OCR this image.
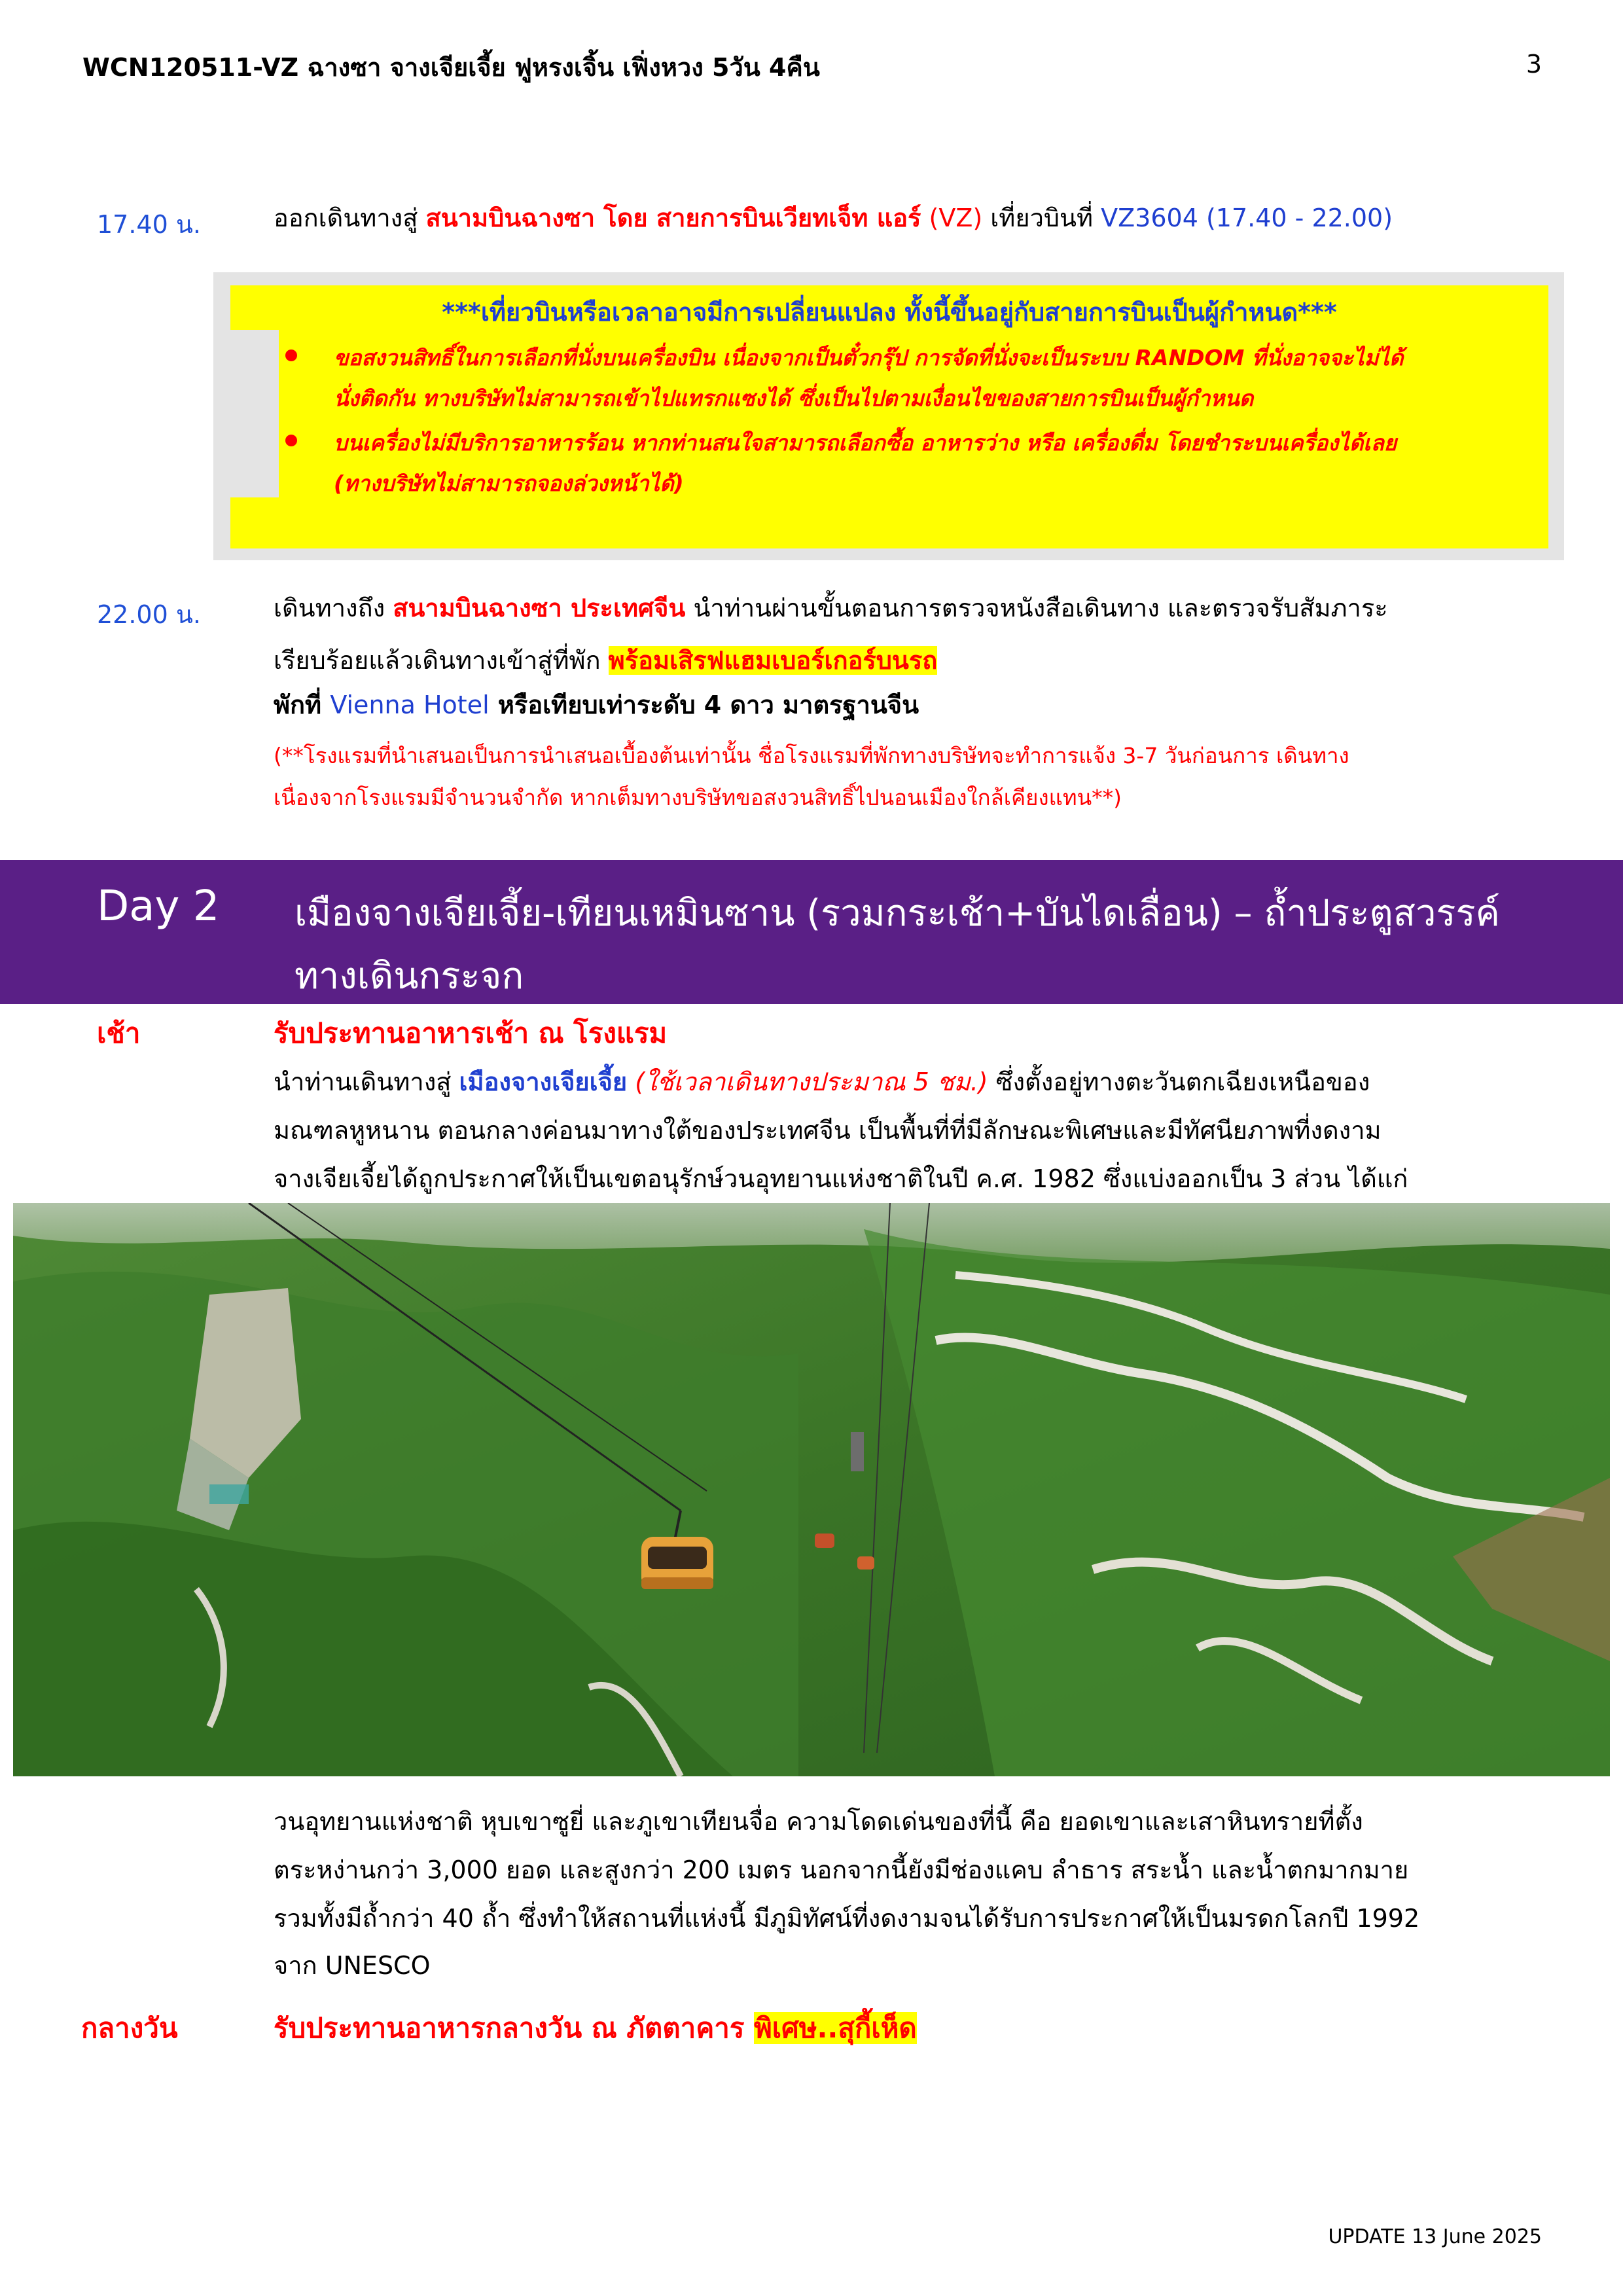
WCN120511-VZ ฉางซา จางเจียเจี้ย ฟูหรงเจิ้น เฟิ่งหวง 5วัน 4คืน	3
17.40 น.	ออกเดินทางสู่ สนามบินฉางซา โดย สายการบินเวียทเจ็ท แอร์ (VZ) เที่ยวบินที่ VZ3604 (17.40 - 22.00)
***เที่ยวบินหรือเวลาอาจมีการเปลี่ยนแปลง ทั้งนี้ขึ้นอยู่กับสายการบินเป็นผู้กำหนด***
ขอสงวนสิทธิ์ในการเลือกที่นั่งบนเครื่องบิน เนื่องจากเป็นตั๋วกรุ๊ป การจัดที่นั่งจะเป็นระบบ RANDOM ที่นั่งอาจจะไม่ได้
นั่งติดกัน ทางบริษัทไม่สามารถเข้าไปแทรกแซงได้ ซึ่งเป็นไปตามเงื่อนไขของสายการบินเป็นผู้กำหนด
บนเครื่องไม่มีบริการอาหารร้อน หากท่านสนใจสามารถเลือกซื้อ อาหารว่าง หรือ เครื่องดื่ม โดยชำระบนเครื่องได้เลย
(ทางบริษัทไม่สามารถจองล่วงหน้าได้)
22.00 น.	เดินทางถึง สนามบินฉางซา ประเทศจีน นำท่านผ่านขั้นตอนการตรวจหนังสือเดินทาง และตรวจรับสัมภาระ
เรียบร้อยแล้วเดินทางเข้าสู่ที่พัก พร้อมเสิรฟแฮมเบอร์เกอร์บนรถ
พักที่ Vienna Hotel หรือเทียบเท่าระดับ 4 ดาว มาตรฐานจีน
(**โรงแรมที่นำเสนอเป็นการนำเสนอเบื้องต้นเท่านั้น ชื่อโรงแรมที่พักทางบริษัทจะทำการแจ้ง 3-7 วันก่อนการ เดินทาง
เนื่องจากโรงแรมมีจำนวนจำกัด หากเต็มทางบริษัทขอสงวนสิทธิ์ไปนอนเมืองใกล้เคียงแทน**)
Day 2 เมืองจางเจียเจี้ย-เทียนเหมินซาน (รวมกระเช้า+บันไดเลื่อน) – ถ้ำประตูสวรรค์
ทางเดินกระจก
เช้า	รับประทานอาหารเช้า ณ โรงแรม
นำท่านเดินทางสู่ เมืองจางเจียเจี้ย (ใช้เวลาเดินทางประมาณ 5 ชม.) ซึ่งตั้งอยู่ทางตะวันตกเฉียงเหนือของ
มณฑลหูหนาน ตอนกลางค่อนมาทางใต้ของประเทศจีน เป็นพื้นที่ที่มีลักษณะพิเศษและมีทัศนียภาพที่งดงาม
จางเจียเจี้ยได้ถูกประกาศให้เป็นเขตอนุรักษ์วนอุทยานแห่งชาติในปี ค.ศ. 1982 ซึ่งแบ่งออกเป็น 3 ส่วน ได้แก่
วนอุทยานแห่งชาติ หุบเขาซูยี่ และภูเขาเทียนจื่อ ความโดดเด่นของที่นี้ คือ ยอดเขาและเสาหินทรายที่ตั้ง
ตระหง่านกว่า 3,000 ยอด และสูงกว่า 200 เมตร นอกจากนี้ยังมีช่องแคบ ลำธาร สระน้ำ และน้ำตกมากมาย
รวมทั้งมีถ้ำกว่า 40 ถ้ำ ซึ่งทำให้สถานที่แห่งนี้ มีภูมิทัศน์ที่งดงามจนได้รับการประกาศให้เป็นมรดกโลกปี 1992
จาก UNESCO
กลางวัน	รับประทานอาหารกลางวัน ณ ภัตตาคาร พิเศษ..สุกี้เห็ด
UPDATE 13 June 2025
